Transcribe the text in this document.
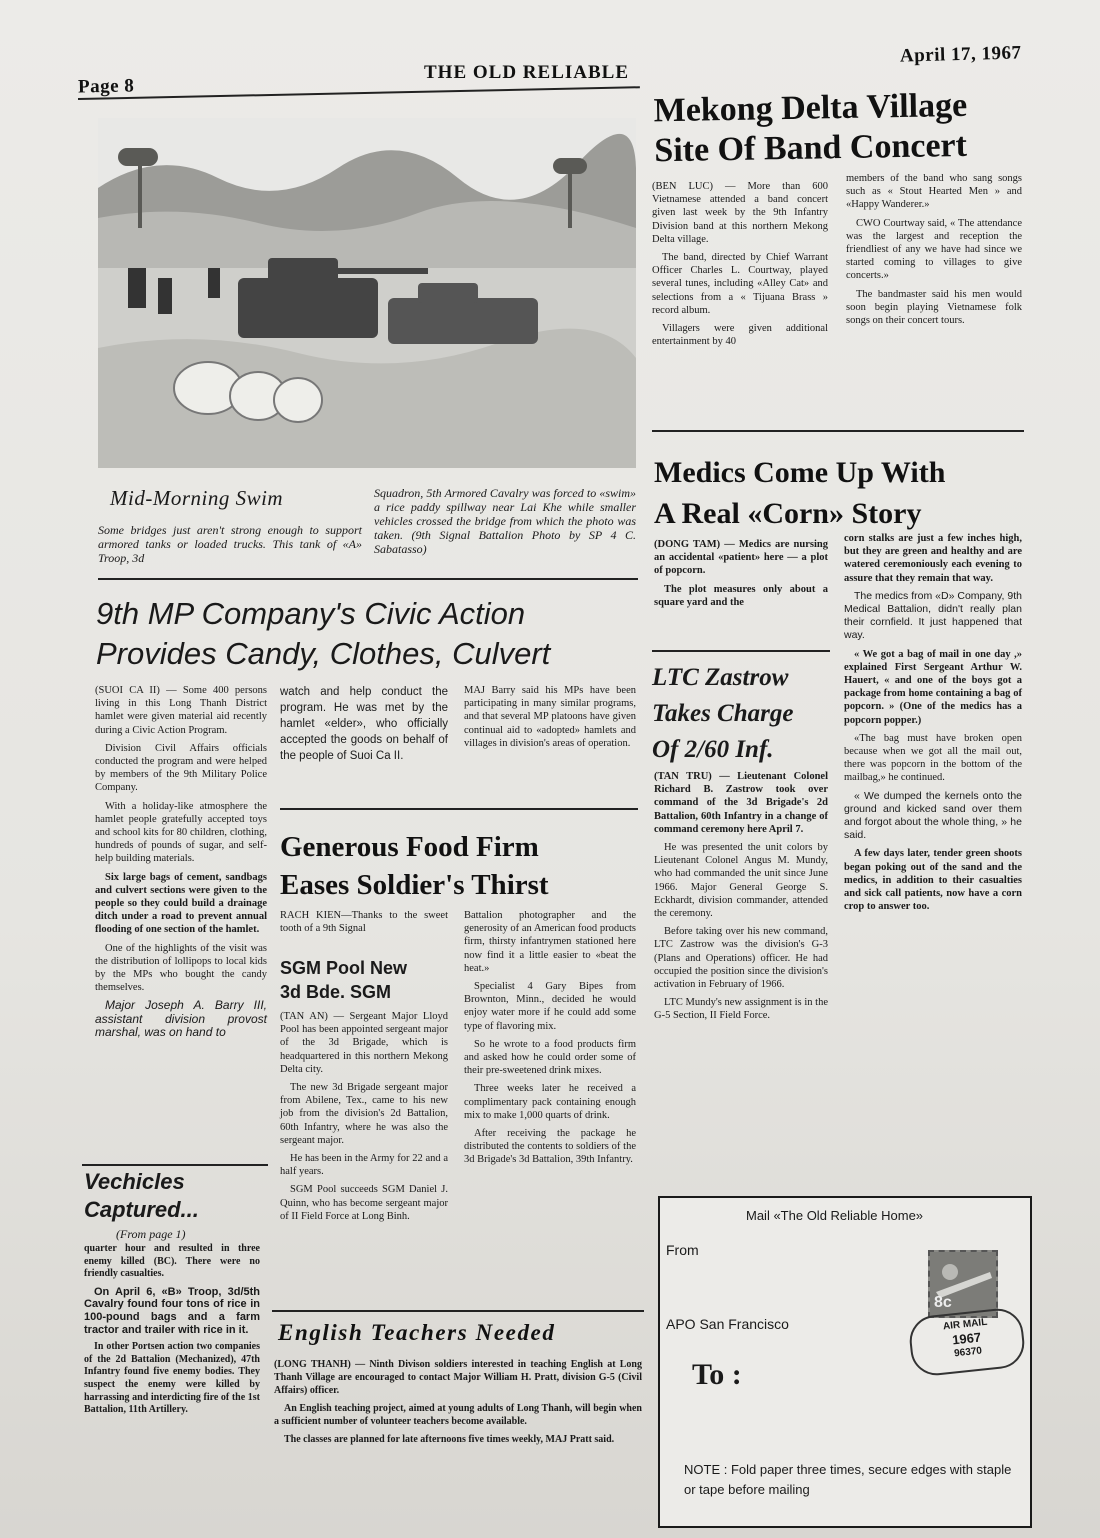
Page 8
THE OLD RELIABLE
April 17, 1967
Mid-Morning Swim
Some bridges just aren't strong enough to support armored tanks or loaded trucks. This tank of «A» Troop, 3d
Squadron, 5th Armored Cavalry was forced to «swim» a rice paddy spillway near Lai Khe while smaller vehicles crossed the bridge from which the photo was taken. (9th Signal Battalion Photo by SP 4 C. Sabatasso)
Mekong Delta Village
Site Of Band Concert

(BEN LUC) — More than 600 Vietnamese attended a band concert given last week by the 9th Infantry Division band at this northern Mekong Delta village.

The band, directed by Chief Warrant Officer Charles L. Courtway, played several tunes, including «Alley Cat» and selections from a « Tijuana Brass » record album.

Villagers were given additional entertainment by 40

members of the band who sang songs such as « Stout Hearted Men » and «Happy Wanderer.»

CWO Courtway said, « The attendance was the largest and reception the friendliest of any we have had since we started coming to villages to give concerts.»

The bandmaster said his men would soon begin playing Vietnamese folk songs on their concert tours.

Medics Come Up With
A Real «Corn» Story

(DONG TAM) — Medics are nursing an accidental «patient» here — a plot of popcorn.

The plot measures only about a square yard and the

corn stalks are just a few inches high, but they are green and healthy and are watered ceremoniously each evening to assure that they remain that way.

The medics from «D» Company, 9th Medical Battalion, didn't really plan their cornfield. It just happened that way.

« We got a bag of mail in one day ,» explained First Sergeant Arthur W. Hauert, « and one of the boys got a package from home containing a bag of popcorn. » (One of the medics has a popcorn popper.)

«The bag must have broken open because when we got all the mail out, there was popcorn in the bottom of the mailbag,» he continued.

« We dumped the kernels onto the ground and kicked sand over them and forgot about the whole thing, » he said.

A few days later, tender green shoots began poking out of the sand and the medics, in addition to their casualties and sick call patients, now have a corn crop to answer too.

9th MP Company's Civic Action
Provides Candy, Clothes, Culvert

(SUOI CA II) — Some 400 persons living in this Long Thanh District hamlet were given material aid recently during a Civic Action Program.

Division Civil Affairs officials conducted the program and were helped by members of the 9th Military Police Company.

With a holiday-like atmosphere the hamlet people gratefully accepted toys and school kits for 80 children, clothing, hundreds of pounds of sugar, and self-help building materials.

Six large bags of cement, sandbags and culvert sections were given to the people so they could build a drainage ditch under a road to prevent annual flooding of one section of the hamlet.

One of the highlights of the visit was the distribution of lollipops to local kids by the MPs who bought the candy themselves.

Major Joseph A. Barry III, assistant division provost marshal, was on hand to

watch and help conduct the program. He was met by the hamlet «elder», who officially accepted the goods on behalf of the people of Suoi Ca II.

MAJ Barry said his MPs have been participating in many similar programs, and that several MP platoons have given continual aid to «adopted» hamlets and villages in division's areas of operation.

Generous Food Firm
Eases Soldier's Thirst

RACH KIEN—Thanks to the sweet tooth of a 9th Signal

Battalion photographer and the generosity of an American food products firm, thirsty infantrymen stationed here now find it a little easier to «beat the heat.»

Specialist 4 Gary Bipes from Brownton, Minn., decided he would enjoy water more if he could add some type of flavoring mix.

So he wrote to a food products firm and asked how he could order some of their pre-sweetened drink mixes.

Three weeks later he received a complimentary pack containing enough mix to make 1,000 quarts of drink.

After receiving the package he distributed the contents to soldiers of the 3d Brigade's 3d Battalion, 39th Infantry.

SGM Pool New
3d Bde. SGM

(TAN AN) — Sergeant Major Lloyd Pool has been appointed sergeant major of the 3d Brigade, which is headquartered in this northern Mekong Delta city.

The new 3d Brigade sergeant major from Abilene, Tex., came to his new job from the division's 2d Battalion, 60th Infantry, where he was also the sergeant major.

He has been in the Army for 22 and a half years.

SGM Pool succeeds SGM Daniel J. Quinn, who has become sergeant major of II Field Force at Long Binh.

LTC Zastrow
Takes Charge
Of 2/60 Inf.

(TAN TRU) — Lieutenant Colonel Richard B. Zastrow took over command of the 3d Brigade's 2d Battalion, 60th Infantry in a change of command ceremony here April 7.

He was presented the unit colors by Lieutenant Colonel Angus M. Mundy, who had commanded the unit since June 1966. Major General George S. Eckhardt, division commander, attended the ceremony.

Before taking over his new command, LTC Zastrow was the division's G-3 (Plans and Operations) officer. He had occupied the position since the division's activation in February of 1966.

LTC Mundy's new assignment is in the G-5 Section, II Field Force.

Vechicles
Captured...
(From page 1)

quarter hour and resulted in three enemy killed (BC). There were no friendly casualties.

On April 6, «B» Troop, 3d/5th Cavalry found four tons of rice in 100-pound bags and a farm tractor and trailer with rice in it.

In other Portsen action two companies of the 2d Battalion (Mechanized), 47th Infantry found five enemy bodies. They suspect the enemy were killed by harrassing and interdicting fire of the 1st Battalion, 11th Artillery.

English Teachers Needed

(LONG THANH) — Ninth Divison soldiers interested in teaching English at Long Thanh Village are encouraged to contact Major William H. Pratt, division G-5 (Civil Affairs) officer.

An English teaching project, aimed at young adults of Long Thanh, will begin when a sufficient number of volunteer teachers become available.

The classes are planned for late afternoons five times weekly, MAJ Pratt said.

Mail «The Old Reliable Home»
From
APO San Francisco
8c
AIR MAIL
1967
96370
To :
NOTE : Fold paper three times, secure edges with staple or tape before mailing
